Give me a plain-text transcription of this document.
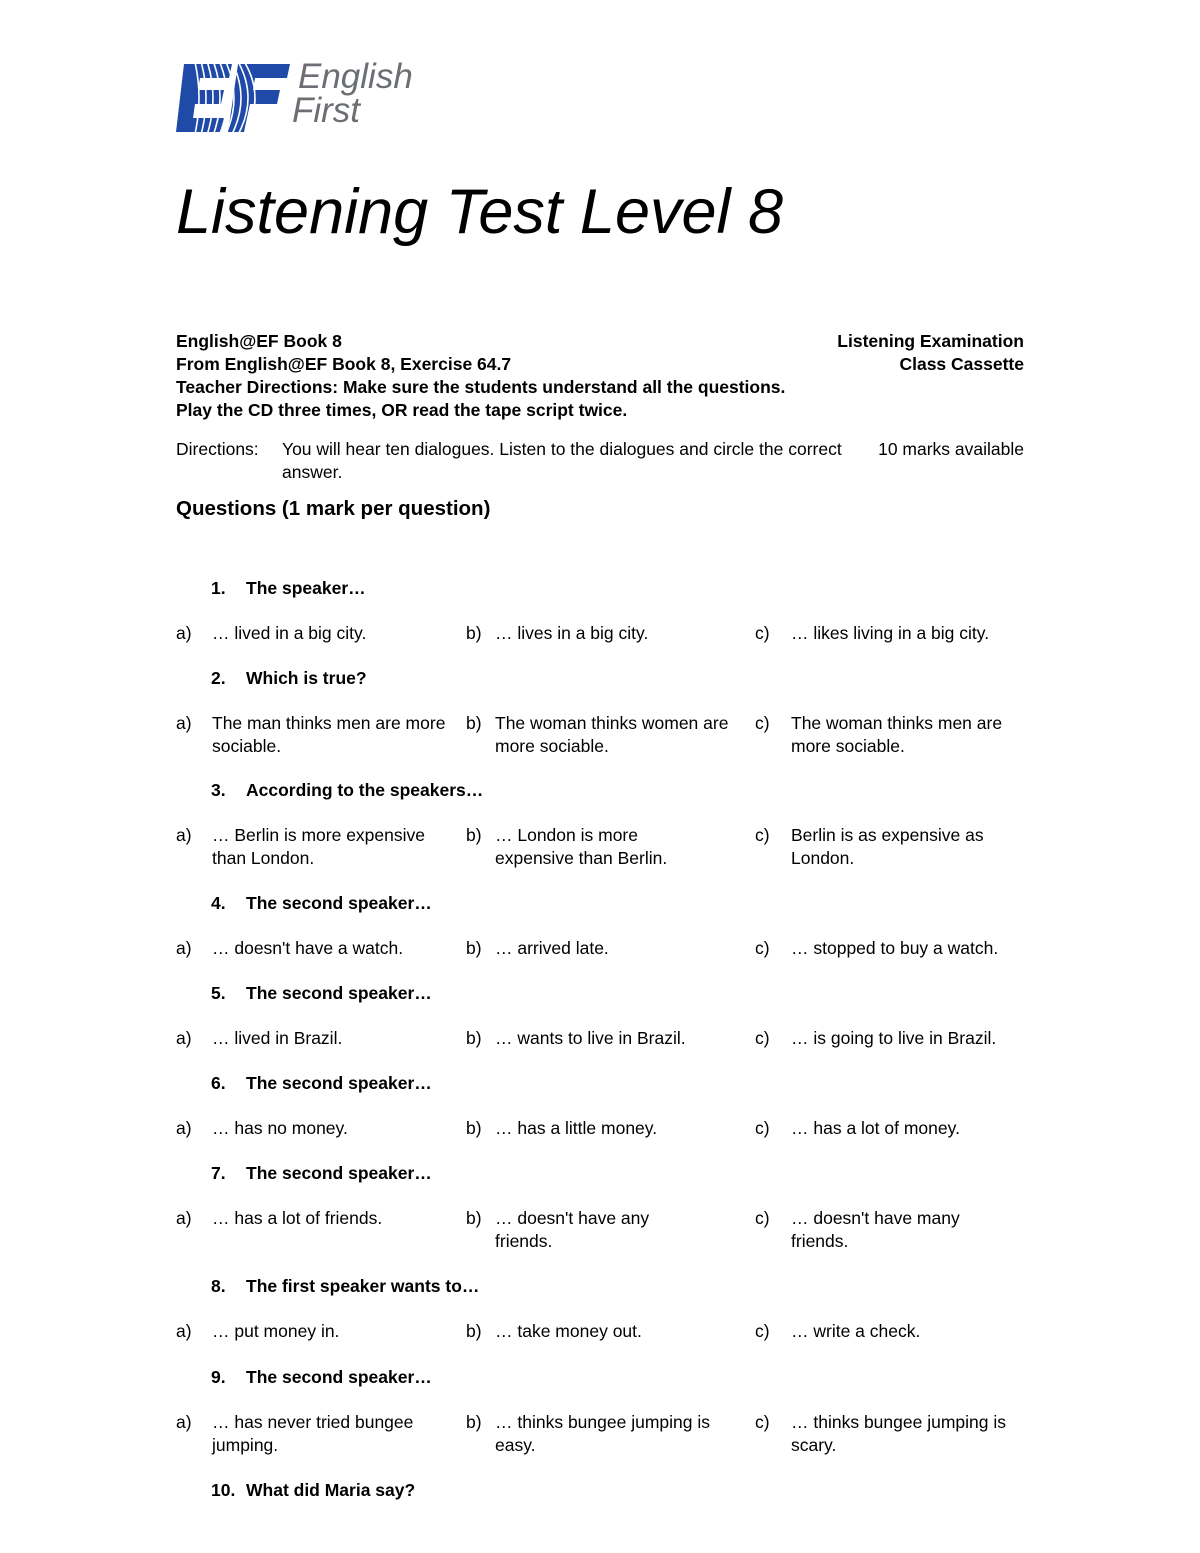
English
First
Listening Test Level 8
English@EF Book 8	Listening Examination
From English@EF Book 8, Exercise 64.7	Class Cassette
Teacher Directions: Make sure the students understand all the questions.
Play the CD three times, OR read the tape script twice.
Directions: You will hear ten dialogues. Listen to the dialogues and circle the correct answer.
10 marks available
Questions (1 mark per question)
1. The speaker…
a) … lived in a big city.	b) … lives in a big city.	c) … likes living in a big city.
2. Which is true?
a) The man thinks men are more sociable.
b) The woman thinks women are more sociable.
c) The woman thinks men are more sociable.
3. According to the speakers…
a) … Berlin is more expensive than London.
b) … London is more expensive than Berlin.
c) Berlin is as expensive as London.
4. The second speaker…
a) … doesn't have a watch.	b) … arrived late.	c) … stopped to buy a watch.
5. The second speaker…
a) … lived in Brazil.	b) … wants to live in Brazil.	c) … is going to live in Brazil.
6. The second speaker…
a) … has no money.	b) … has a little money.	c) … has a lot of money.
7. The second speaker…
a) … has a lot of friends.	b) … doesn't have any friends.
c) … doesn't have many friends.
8. The first speaker wants to…
a) … put money in.	b) … take money out.	c) … write a check.
9. The second speaker…
a) … has never tried bungee jumping.
b) … thinks bungee jumping is easy.
c) … thinks bungee jumping is scary.
10. What did Maria say?
